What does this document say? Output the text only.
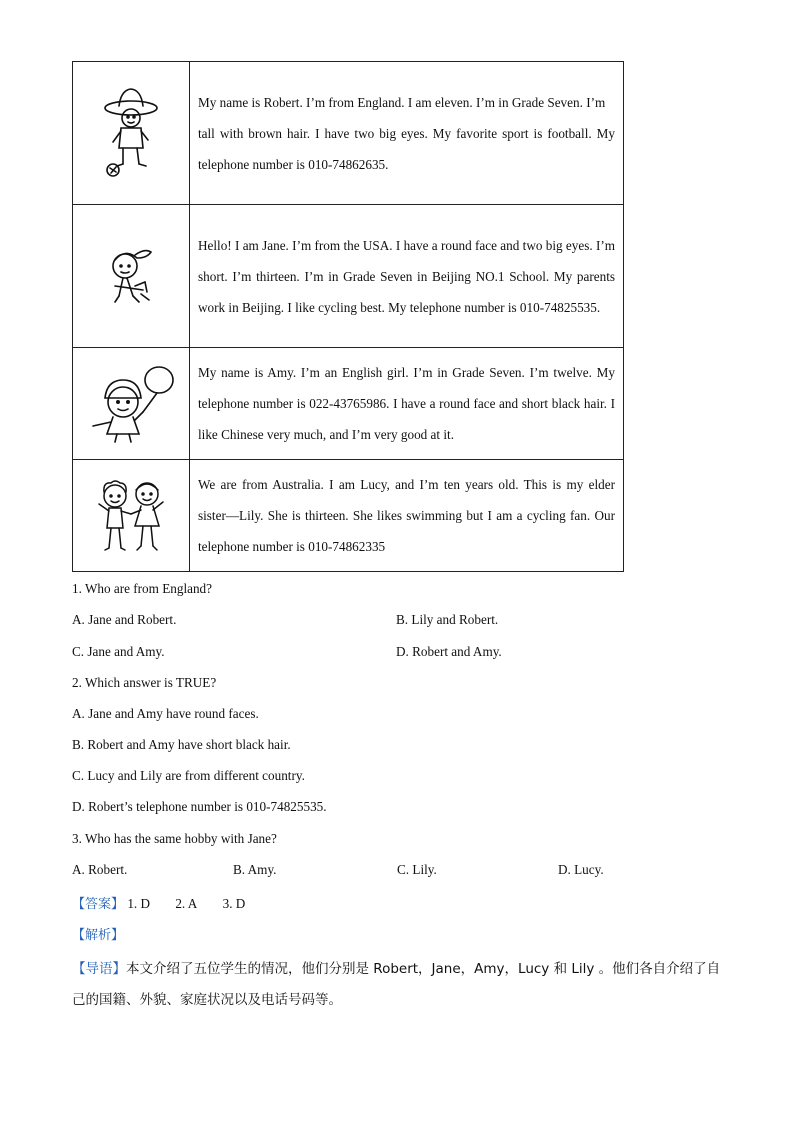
My name is Robert. I’m from England. I am eleven. I’m in Grade Seven. I’m
tall with brown hair. I have two big eyes. My favorite sport is football. My telephone number is 010-74862635.

Hello! I am Jane. I’m from the USA. I have a round face and two big eyes. I’m short. I’m thirteen. I’m in Grade Seven in Beijing NO.1 School. My parents work in Beijing. I like cycling best. My telephone number is 010-74825535.

My name is Amy. I’m an English girl. I’m in Grade Seven. I’m twelve. My telephone number is 022-43765986. I have a round face and short black hair. I like Chinese very much, and I’m very good at it.

We are from Australia. I am Lucy, and I’m ten years old. This is my elder sister—Lily. She is thirteen. She likes swimming but I am a cycling fan. Our telephone number is 010-74862335
1. Who are from England?
A. Jane and Robert.	B. Lily and Robert.
C. Jane and Amy.	D. Robert and Amy.
2. Which answer is TRUE?
A. Jane and Amy have round faces.
B. Robert and Amy have short black hair.
C. Lucy and Lily are from different country.
D. Robert’s telephone number is 010-74825535.
3. Who has the same hobby with Jane?
A. Robert.	B. Amy.	C. Lily.	D. Lucy.
【答案】 1. D 2. A 3. D
【解析】
【导语】本文介绍了五位学生的情况，他们分别是 Robert，Jane，Amy，Lucy 和 Lily 。他们各自介绍了自己的国籍、外貌、家庭状况以及电话号码等。
